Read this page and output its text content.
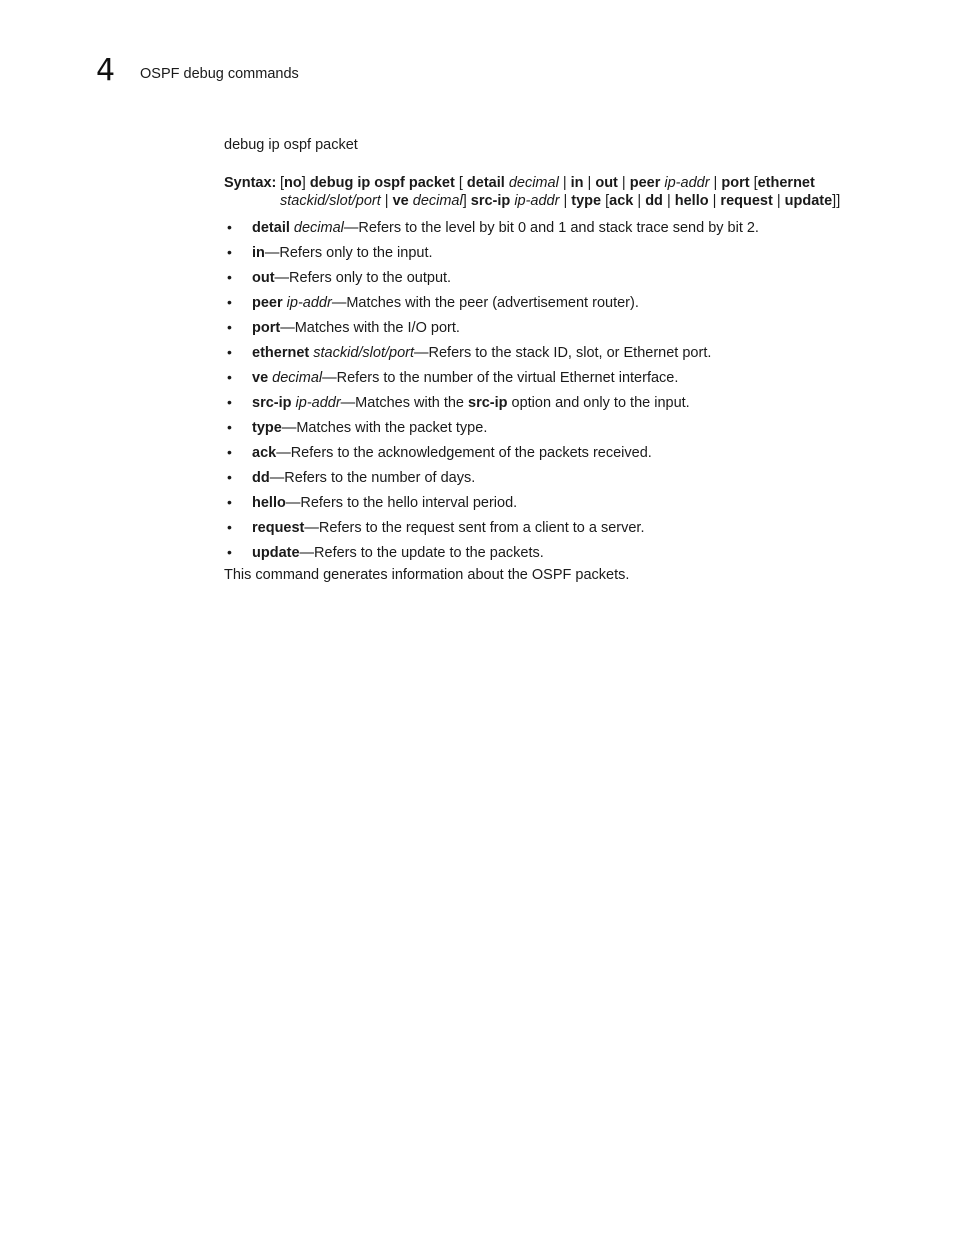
4 OSPF debug commands
debug ip ospf packet
Syntax: [no] debug ip ospf packet [ detail decimal | in | out | peer ip-addr | port [ethernet
stackid/slot/port | ve decimal] src-ip ip-addr | type [ack | dd | hello | request | update]]
• detail decimal—Refers to the level by bit 0 and 1 and stack trace send by bit 2.
• in—Refers only to the input.
• out—Refers only to the output.
• peer ip-addr—Matches with the peer (advertisement router).
• port—Matches with the I/O port.
• ethernet stackid/slot/port—Refers to the stack ID, slot, or Ethernet port.
• ve decimal—Refers to the number of the virtual Ethernet interface.
• src-ip ip-addr—Matches with the src-ip option and only to the input.
• type—Matches with the packet type.
• ack—Refers to the acknowledgement of the packets received.
• dd—Refers to the number of days.
• hello—Refers to the hello interval period.
• request—Refers to the request sent from a client to a server.
• update—Refers to the update to the packets.
This command generates information about the OSPF packets.
